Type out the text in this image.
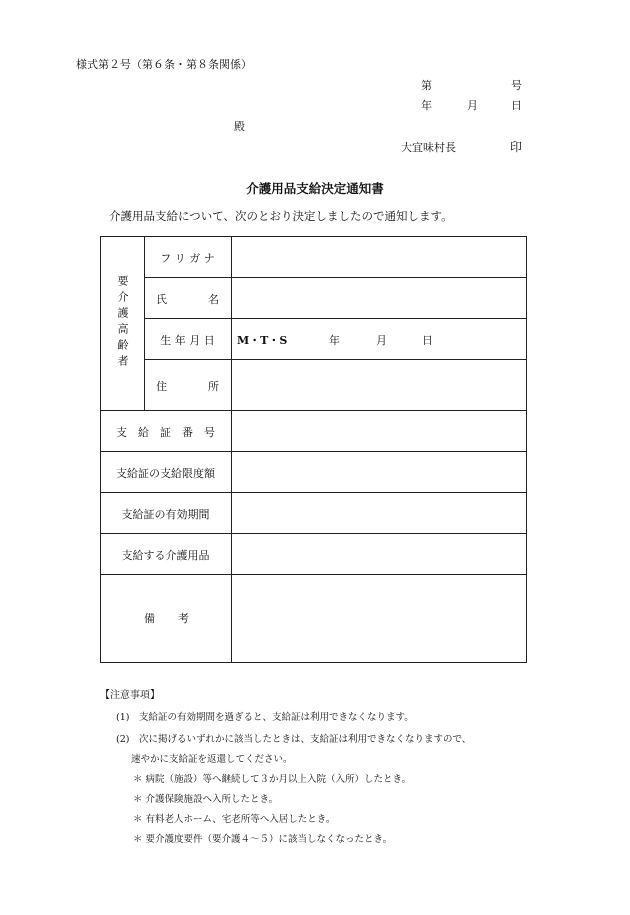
様式第２号（第６条・第８条関係）
第	号
年	月	日
殿
大宜味村長	印
介護用品支給決定通知書
介護用品支給について、次のとおり決定しましたので通知します。
要介護高齢者
フ リ ガ ナ
氏	名
生 年 月 日	M・T・S	年	月	日
住	所
支　給　証　番　号
支給証の支給限度額
支給証の有効期間
支給する介護用品
備 考
【注意事項】
(1)　支給証の有効期間を過ぎると、支給証は利用できなくなります。
(2)　次に掲げるいずれかに該当したときは、支給証は利用できなくなりますので、
速やかに支給証を返還してください。
＊ 病院（施設）等へ継続して３か月以上入院（入所）したとき。
＊ 介護保険施設へ入所したとき。
＊ 有料老人ホーム、宅老所等へ入居したとき。
＊ 要介護度要件（要介護４～５）に該当しなくなったとき。
